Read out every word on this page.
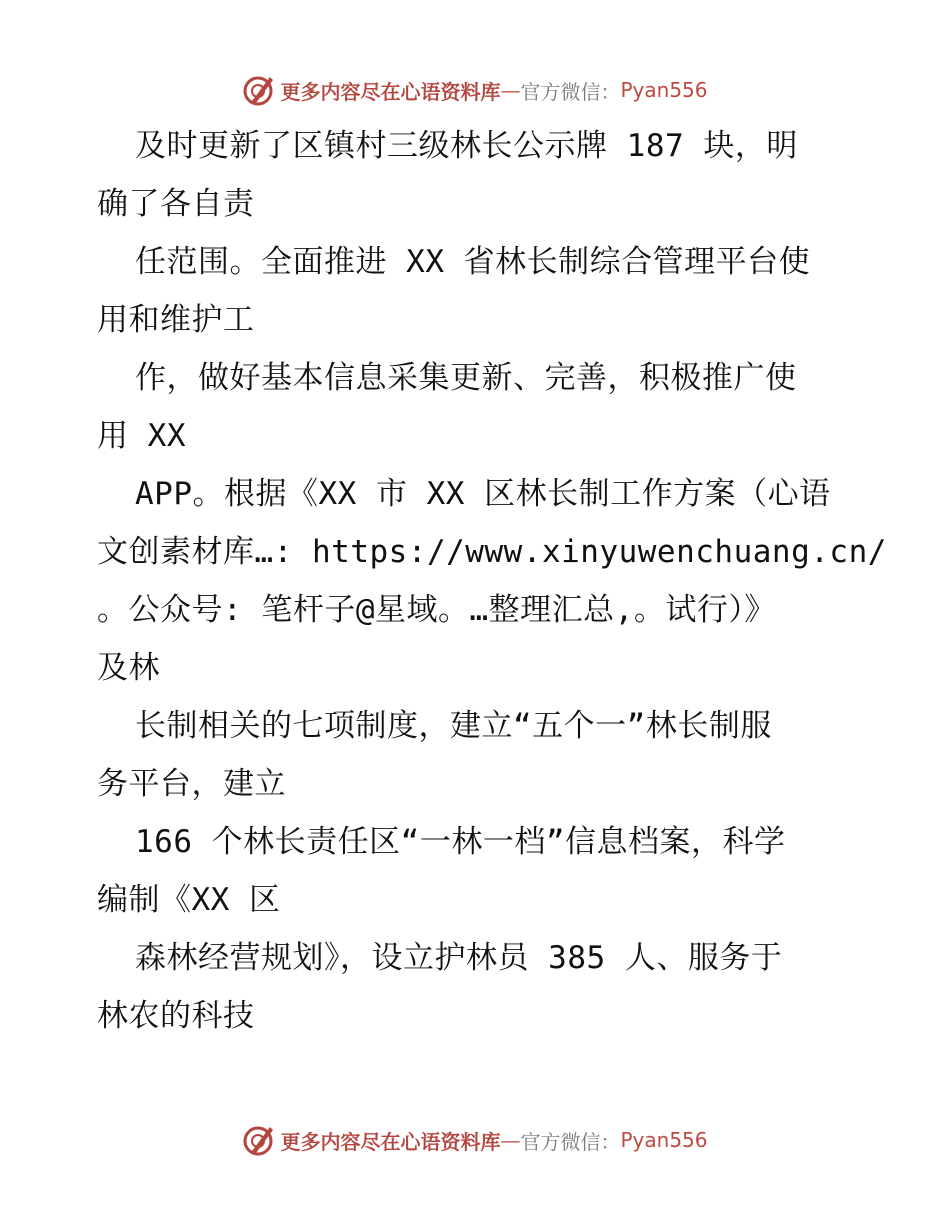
更多内容尽在心语资料库 — 官方微信： Pyan556
及时更新了区镇村三级林长公示牌 187 块，明
确了各自责
任范围。全面推进 XX 省林长制综合管理平台使
用和维护工
作，做好基本信息采集更新、完善，积极推广使
用 XX
APP。根据《XX 市 XX 区林长制工作方案（心语
文创素材库…: https://www.xinyuwenchuang.cn/
。公众号: 笔杆子@星域。…整理汇总,。试行）》
及林
长制相关的七项制度，建立“五个一”林长制服
务平台，建立
166 个林长责任区“一林一档”信息档案，科学
编制《XX 区
森林经营规划》，设立护林员 385 人、服务于
林农的科技
更多内容尽在心语资料库 — 官方微信： Pyan556
